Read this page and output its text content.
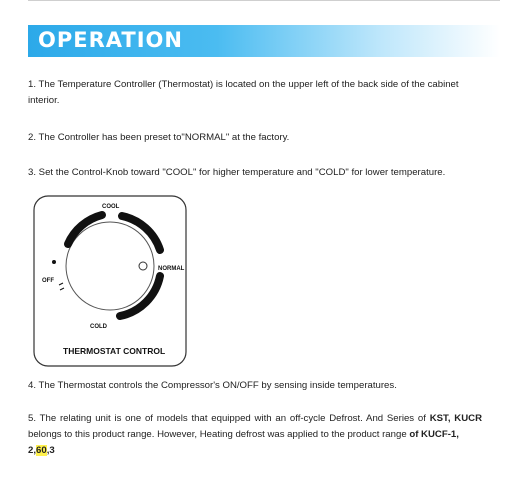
OPERATION
1. The Temperature Controller (Thermostat) is located on the upper left of the back side of the cabinet interior.
2. The Controller has been preset to"NORMAL" at the factory.
3. Set the Control-Knob toward "COOL" for higher temperature and "COLD" for lower temperature.
COOL
NORMAL
COLD
OFF
THERMOSTAT CONTROL
4. The Thermostat controls the Compressor's ON/OFF by sensing inside temperatures.
5. The relating unit is one of models that equipped with an off-cycle Defrost. And Series of KST, KUCR belongs to this product range. However, Heating defrost was applied to the product range of KUCF-1,
2,60,3
